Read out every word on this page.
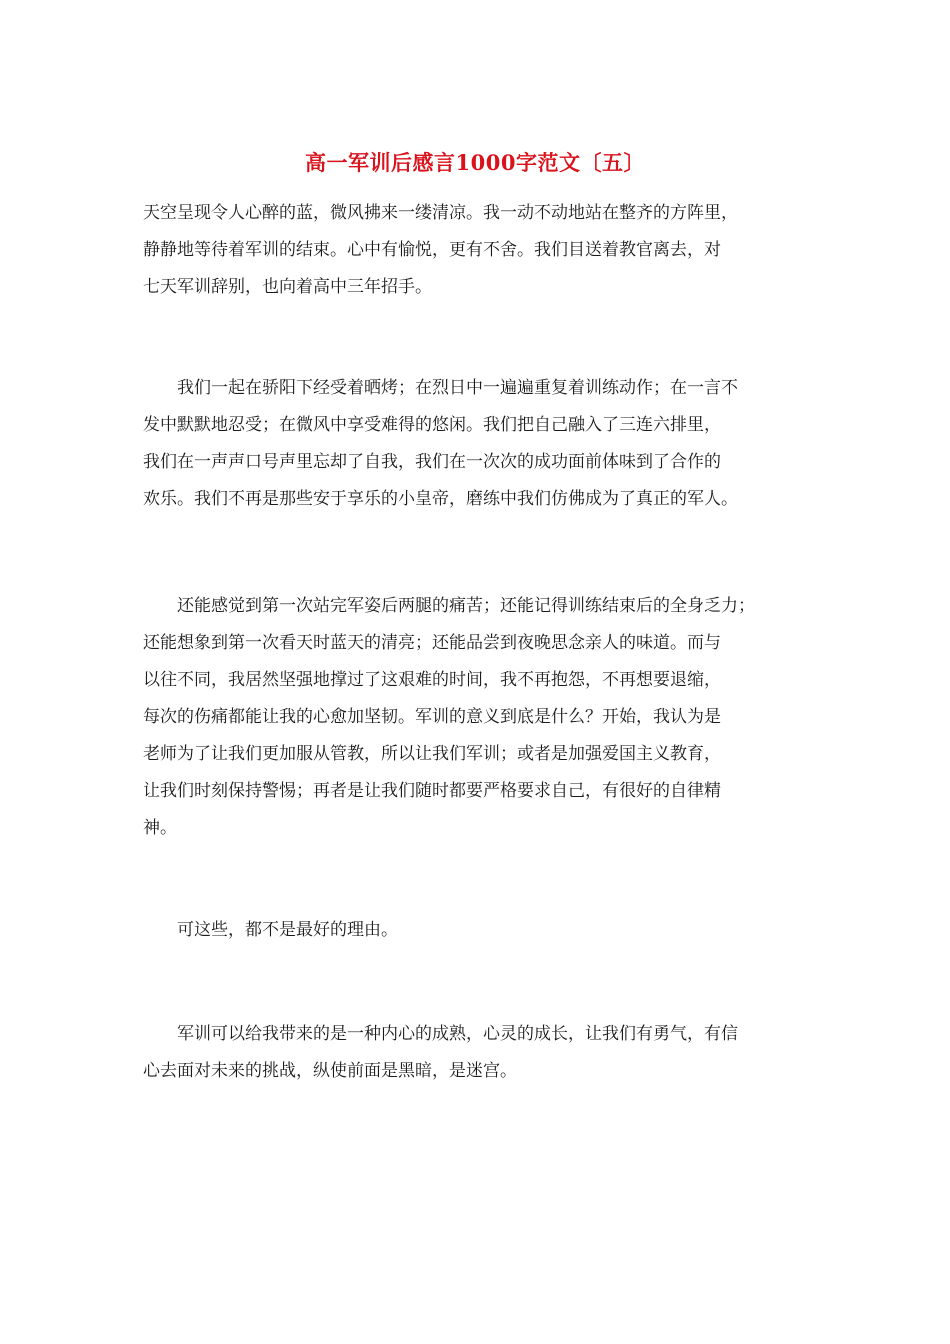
高一军训后感言1000字范文〔五〕
天空呈现令人心醉的蓝，微风拂来一缕清凉。我一动不动地站在整齐的方阵里，
静静地等待着军训的结束。心中有愉悦，更有不舍。我们目送着教官离去，对
七天军训辞别，也向着高中三年招手。
我们一起在骄阳下经受着晒烤；在烈日中一遍遍重复着训练动作；在一言不
发中默默地忍受；在微风中享受难得的悠闲。我们把自己融入了三连六排里，
我们在一声声口号声里忘却了自我，我们在一次次的成功面前体味到了合作的
欢乐。我们不再是那些安于享乐的小皇帝，磨练中我们仿佛成为了真正的军人。
还能感觉到第一次站完军姿后两腿的痛苦；还能记得训练结束后的全身乏力；
还能想象到第一次看天时蓝天的清亮；还能品尝到夜晚思念亲人的味道。而与
以往不同，我居然坚强地撑过了这艰难的时间，我不再抱怨，不再想要退缩，
每次的伤痛都能让我的心愈加坚韧。军训的意义到底是什么？开始，我认为是
老师为了让我们更加服从管教，所以让我们军训；或者是加强爱国主义教育，
让我们时刻保持警惕；再者是让我们随时都要严格要求自己，有很好的自律精
神。
可这些，都不是最好的理由。
军训可以给我带来的是一种内心的成熟，心灵的成长，让我们有勇气，有信
心去面对未来的挑战，纵使前面是黑暗，是迷宫。
